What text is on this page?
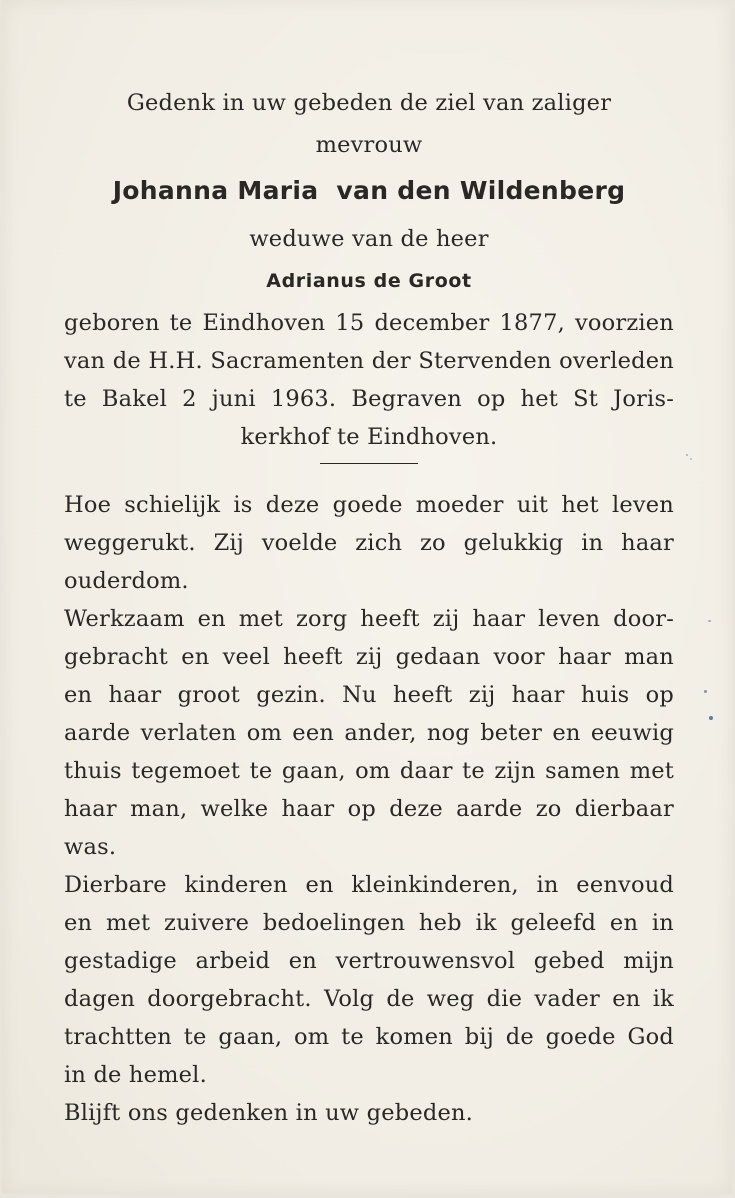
Gedenk in uw gebeden de ziel van zaliger
mevrouw
Johanna Maria  van den Wildenberg
weduwe van de heer
Adrianus de Groot
geboren te Eindhoven 15 december 1877, voorzien
van de H.H. Sacramenten der Stervenden overleden
te Bakel 2 juni 1963. Begraven op het St Joris-
kerkhof te Eindhoven.
Hoe schielijk is deze goede moeder uit het leven
weggerukt. Zij voelde zich zo gelukkig in haar
ouderdom.
Werkzaam en met zorg heeft zij haar leven door-
gebracht en veel heeft zij gedaan voor haar man
en haar groot gezin. Nu heeft zij haar huis op
aarde verlaten om een ander, nog beter en eeuwig
thuis tegemoet te gaan, om daar te zijn samen met
haar man, welke haar op deze aarde zo dierbaar
was.
Dierbare kinderen en kleinkinderen, in eenvoud
en met zuivere bedoelingen heb ik geleefd en in
gestadige arbeid en vertrouwensvol gebed mijn
dagen doorgebracht. Volg de weg die vader en ik
trachtten te gaan, om te komen bij de goede God
in de hemel.
Blijft ons gedenken in uw gebeden.
